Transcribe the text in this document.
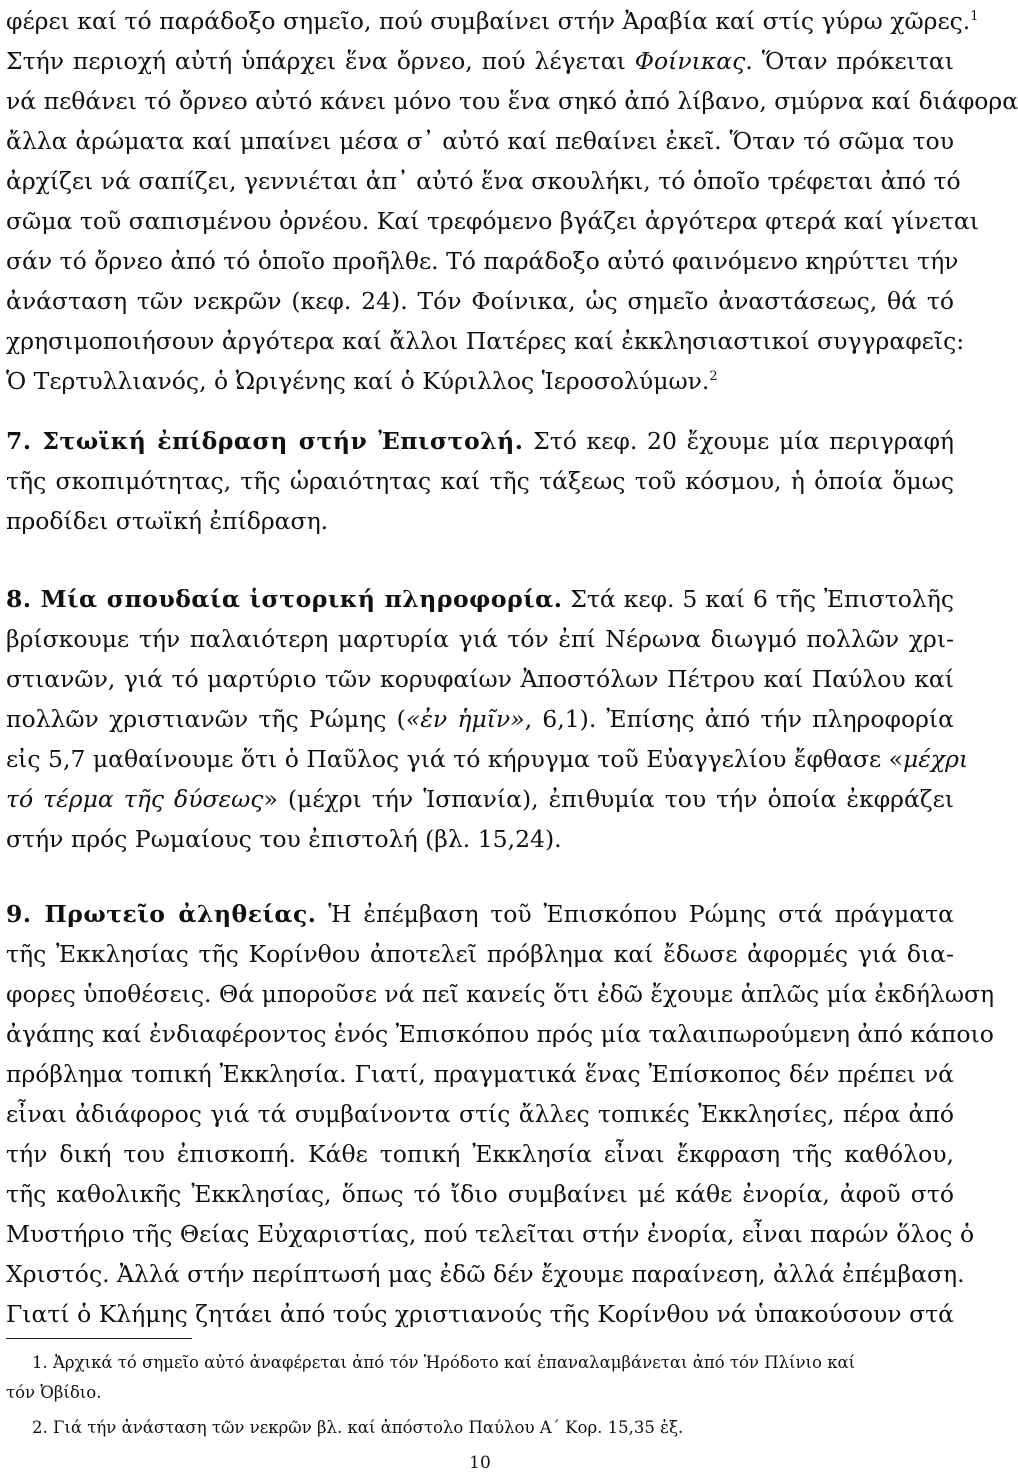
φέρει καί τό παράδοξο σημεῖο, πού συμβαίνει στήν Ἀραβία καί στίς γύρω χῶρες.$^1$
Στήν περιοχή αὐτή ὑπάρχει ἕνα ὄρνεο, πού λέγεται Φοίνικας. Ὅταν πρόκειται
νά πεθάνει τό ὄρνεο αὐτό κάνει μόνο του ἕνα σηκό ἀπό λίβανο, σμύρνα καί διάφορα
ἄλλα ἀρώματα καί μπαίνει μέσα σ᾽ αὐτό καί πεθαίνει ἐκεῖ. Ὅταν τό σῶμα του
ἀρχίζει νά σαπίζει, γεννιέται ἀπ᾽ αὐτό ἕνα σκουλήκι, τό ὁποῖο τρέφεται ἀπό τό
σῶμα τοῦ σαπισμένου ὀρνέου. Καί τρεφόμενο βγάζει ἀργότερα φτερά καί γίνεται
σάν τό ὄρνεο ἀπό τό ὁποῖο προῆλθε. Τό παράδοξο αὐτό φαινόμενο κηρύττει τήν
ἀνάσταση τῶν νεκρῶν (κεφ. 24). Τόν Φοίνικα, ὡς σημεῖο ἀναστάσεως, θά τό
χρησιμοποιήσουν ἀργότερα καί ἄλλοι Πατέρες καί ἐκκλησιαστικοί συγγραφεῖς:
Ὁ Τερτυλλιανός, ὁ Ὠριγένης καί ὁ Κύριλλος Ἱεροσολύμων.$^2$
7. Στωϊκή ἐπίδραση στήν Ἐπιστολή. Στό κεφ. 20 ἔχουμε μία περιγραφή
τῆς σκοπιμότητας, τῆς ὡραιότητας καί τῆς τάξεως τοῦ κόσμου, ἡ ὁποία ὅμως
προδίδει στωϊκή ἐπίδραση.
8. Μία σπουδαία ἱστορική πληροφορία. Στά κεφ. 5 καί 6 τῆς Ἐπιστολῆς
βρίσκουμε τήν παλαιότερη μαρτυρία γιά τόν ἐπί Νέρωνα διωγμό πολλῶν χρι-
στιανῶν, γιά τό μαρτύριο τῶν κορυφαίων Ἀποστόλων Πέτρου καί Παύλου καί
πολλῶν χριστιανῶν τῆς Ρώμης («ἐν ἡμῖν», 6,1). Ἐπίσης ἀπό τήν πληροφορία
εἰς 5,7 μαθαίνουμε ὅτι ὁ Παῦλος γιά τό κήρυγμα τοῦ Εὐαγγελίου ἔφθασε «μέχρι
τό τέρμα τῆς δύσεως» (μέχρι τήν Ἱσπανία), ἐπιθυμία του τήν ὁποία ἐκφράζει
στήν πρός Ρωμαίους του ἐπιστολή (βλ. 15,24).
9. Πρωτεῖο ἀληθείας. Ἡ ἐπέμβαση τοῦ Ἐπισκόπου Ρώμης στά πράγματα
τῆς Ἐκκλησίας τῆς Κορίνθου ἀποτελεῖ πρόβλημα καί ἔδωσε ἀφορμές γιά δια-
φορες ὑποθέσεις. Θά μποροῦσε νά πεῖ κανείς ὅτι ἐδῶ ἔχουμε ἁπλῶς μία ἐκδήλωση
ἀγάπης καί ἐνδιαφέροντος ἑνός Ἐπισκόπου πρός μία ταλαιπωρούμενη ἀπό κάποιο
πρόβλημα τοπική Ἐκκλησία. Γιατί, πραγματικά ἕνας Ἐπίσκοπος δέν πρέπει νά
εἶναι ἀδιάφορος γιά τά συμβαίνοντα στίς ἄλλες τοπικές Ἐκκλησίες, πέρα ἀπό
τήν δική του ἐπισκοπή. Κάθε τοπική Ἐκκλησία εἶναι ἔκφραση τῆς καθόλου,
τῆς καθολικῆς Ἐκκλησίας, ὅπως τό ἴδιο συμβαίνει μέ κάθε ἐνορία, ἀφοῦ στό
Μυστήριο τῆς Θείας Εὐχαριστίας, πού τελεῖται στήν ἐνορία, εἶναι παρών ὅλος ὁ
Χριστός. Ἀλλά στήν περίπτωσή μας ἐδῶ δέν ἔχουμε παραίνεση, ἀλλά ἐπέμβαση.
Γιατί ὁ Κλήμης ζητάει ἀπό τούς χριστιανούς τῆς Κορίνθου νά ὑπακούσουν στά
1. Ἀρχικά τό σημεῖο αὐτό ἀναφέρεται ἀπό τόν Ἡρόδοτο καί ἐπαναλαμβάνεται ἀπό τόν Πλίνιο καί
τόν Ὀβίδιο.
2. Γιά τήν ἀνάσταση τῶν νεκρῶν βλ. καί ἀπόστολο Παύλου Α΄ Κορ. 15,35 ἑξ.
10
